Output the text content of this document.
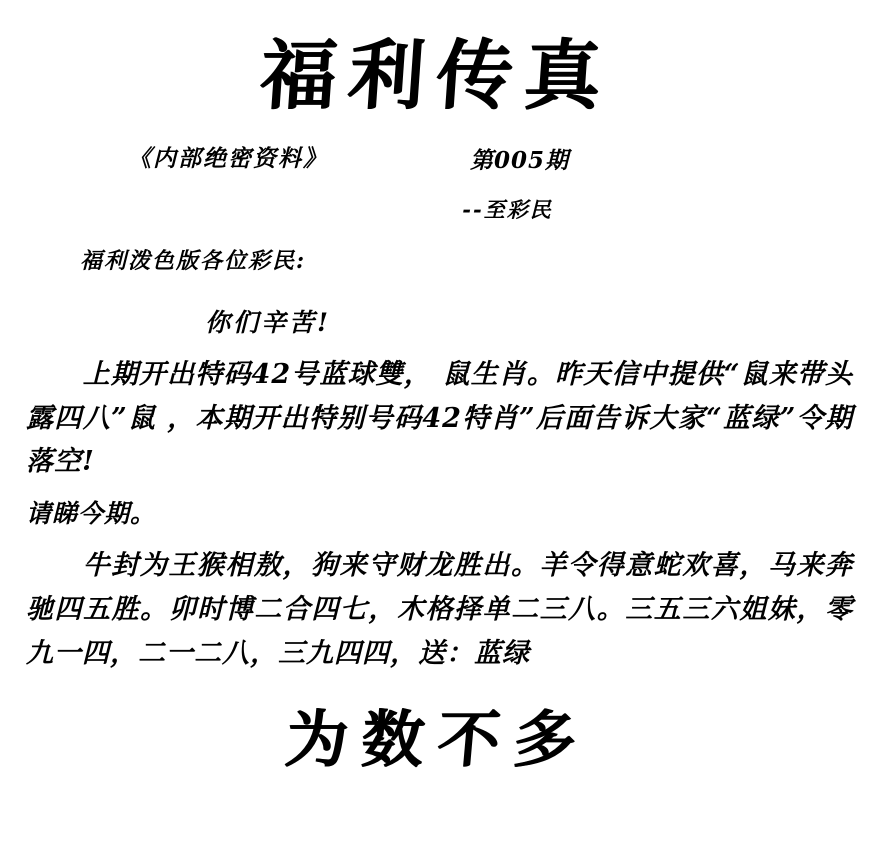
福利传真
《内部绝密资料》	第005期
--至彩民
福利泼色版各位彩民:
你们辛苦!

上期开出特码42号蓝球雙， 鼠生肖。昨天信中提供“鼠来带头露四八”鼠 ，本期开出特别号码42特肖”后面告诉大家“蓝绿”令期落空!

请睇今期。

牛封为王猴相敖，狗来守财龙胜出。羊令得意蛇欢喜，马来奔驰四五胜。卯时博二合四七，木格择单二三八。三五三六姐妹，零九一四，二一二八，三九四四，送：蓝绿

为数不多
